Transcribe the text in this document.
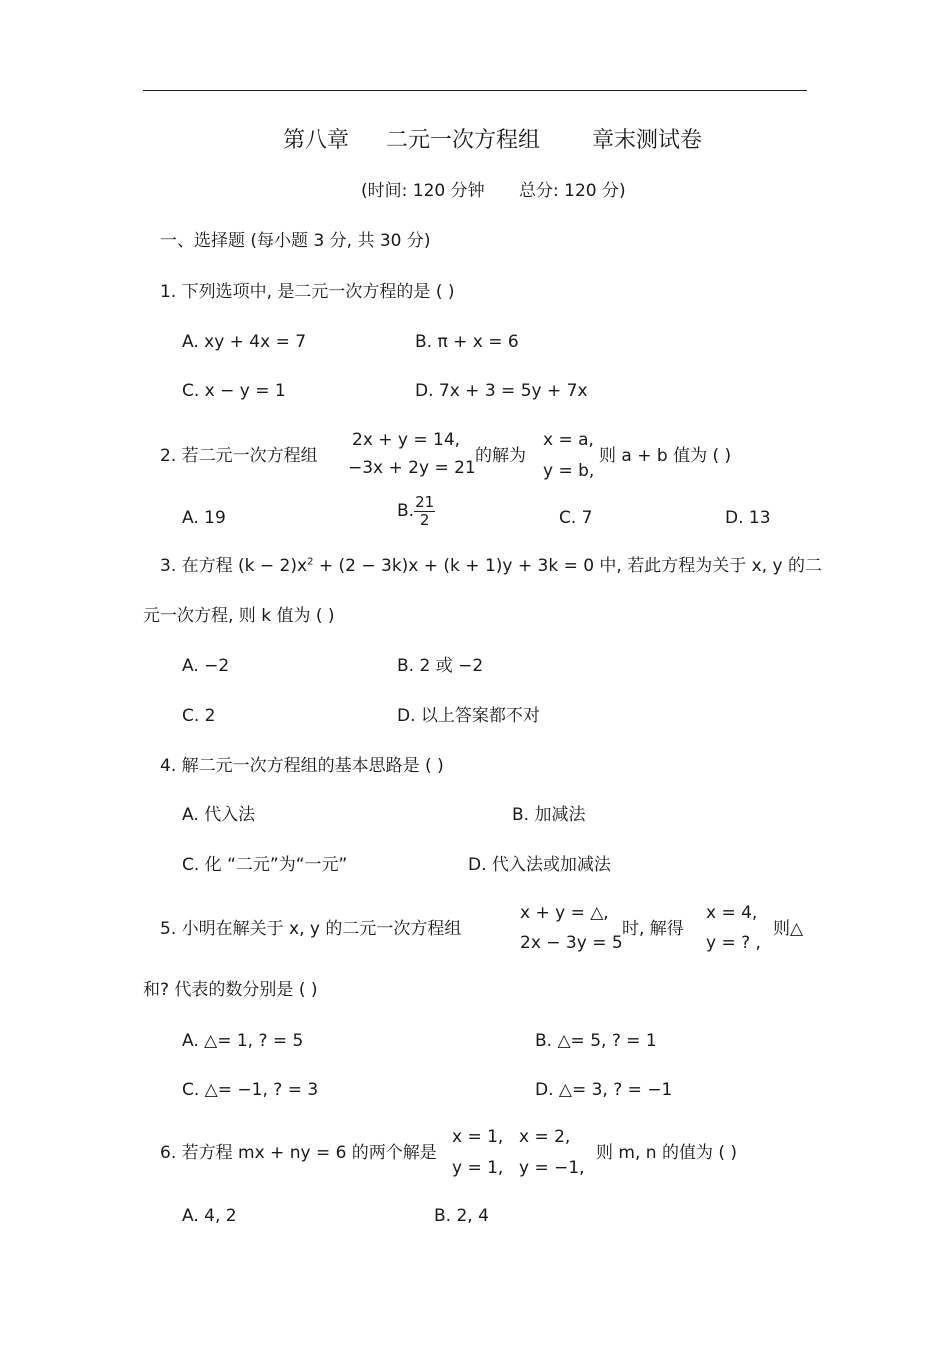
第八章 二元一次方程组 章末测试卷
(时间: 120 分钟 总分: 120 分)
一、选择题 (每小题 3 分, 共 30 分)
1. 下列选项中, 是二元一次方程的是 ( )
A. xy + 4x = 7	B. π + x = 6
C. x − y = 1	D. 7x + 3 = 5y + 7x
2. 若二元一次方程组
2x + y = 14,
−3x + 2y = 21
的解为
x = a,
y = b,
则 a + b 值为 ( )
A. 19	B. $\frac{21}{2}$	C. 7	D. 13
3. 在方程 $(k - 2)x^2 + (2 - 3k)x + (k + 1)y + 3k = 0$ 中, 若此方程为关于 x, y 的二
元一次方程, 则 k 值为 ( )
A. −2	B. 2 或 −2
C. 2	D. 以上答案都不对
4. 解二元一次方程组的基本思路是 ( )
A. 代入法	B. 加减法
C. 化 “二元”为“一元”	D. 代入法或加减法
5. 小明在解关于 x, y 的二元一次方程组
x + y = △,
2x − 3y = 5
时, 解得
x = 4,
y = ? ,
则△
和? 代表的数分别是 ( )
A. △= 1, ? = 5	B. △= 5, ? = 1
C. △= −1, ? = 3	D. △= 3, ? = −1
6. 若方程 mx + ny = 6 的两个解是
x = 1,
y = 1,
x = 2,
y = −1,
则 m, n 的值为 ( )
A. 4, 2	B. 2, 4
